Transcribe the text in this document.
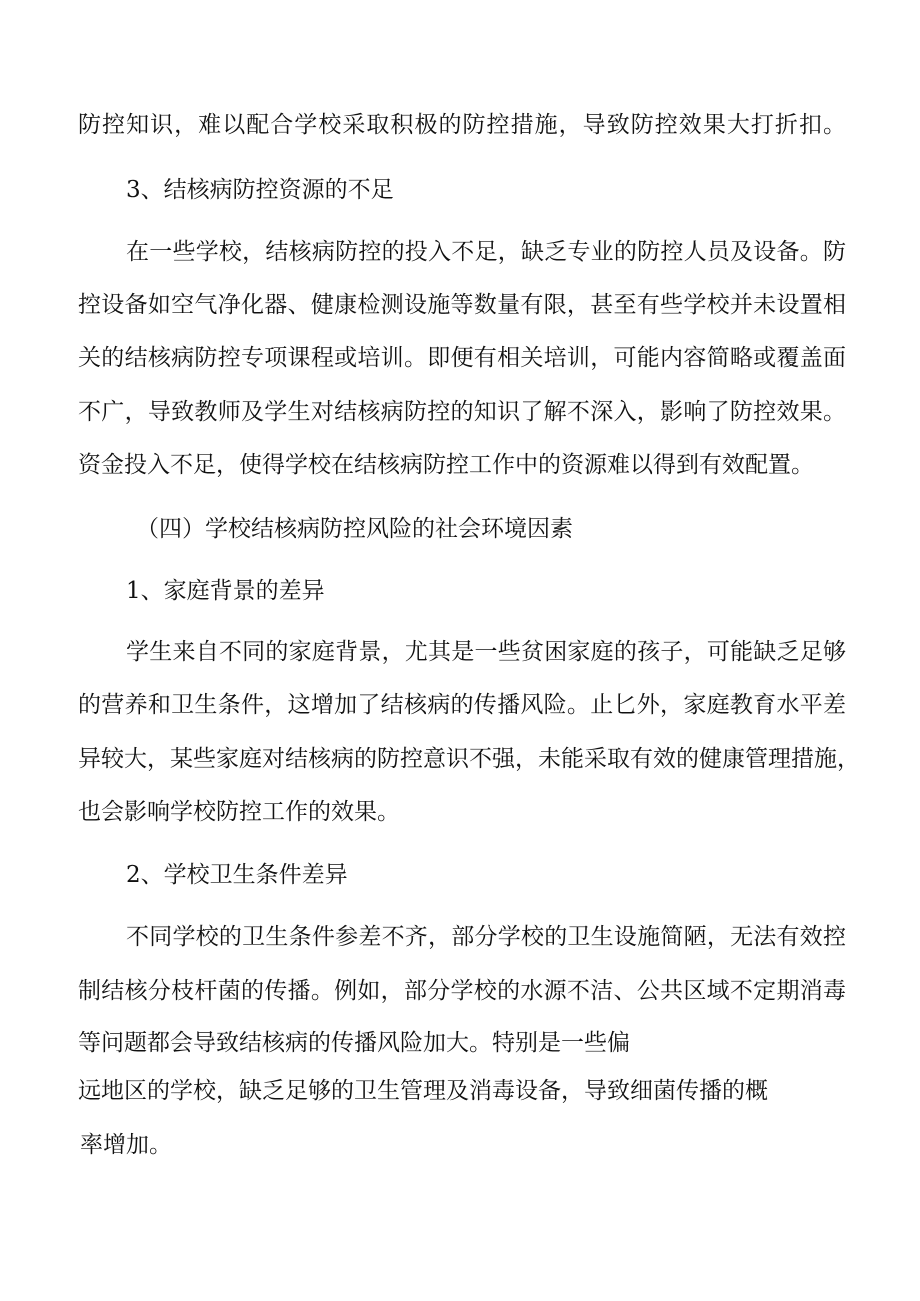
防控知识，难以配合学校采取积极的防控措施，导致防控效果大打折扣。

3、结核病防控资源的不足

在一些学校，结核病防控的投入不足，缺乏专业的防控人员及设备。防

控设备如空气净化器、健康检测设施等数量有限，甚至有些学校并未设置相

关的结核病防控专项课程或培训。即便有相关培训，可能内容简略或覆盖面

不广，导致教师及学生对结核病防控的知识了解不深入，影响了防控效果。

资金投入不足，使得学校在结核病防控工作中的资源难以得到有效配置。

（四）学校结核病防控风险的社会环境因素

1、家庭背景的差异

学生来自不同的家庭背景，尤其是一些贫困家庭的孩子，可能缺乏足够

的营养和卫生条件，这增加了结核病的传播风险。止匕外，家庭教育水平差

异较大，某些家庭对结核病的防控意识不强，未能采取有效的健康管理措施，

也会影响学校防控工作的效果。

2、学校卫生条件差异

不同学校的卫生条件参差不齐，部分学校的卫生设施简陋，无法有效控

制结核分枝杆菌的传播。例如，部分学校的水源不洁、公共区域不定期消毒

等问题都会导致结核病的传播风险加大。特别是一些偏

远地区的学校，缺乏足够的卫生管理及消毒设备，导致细菌传播的概

率增加。
